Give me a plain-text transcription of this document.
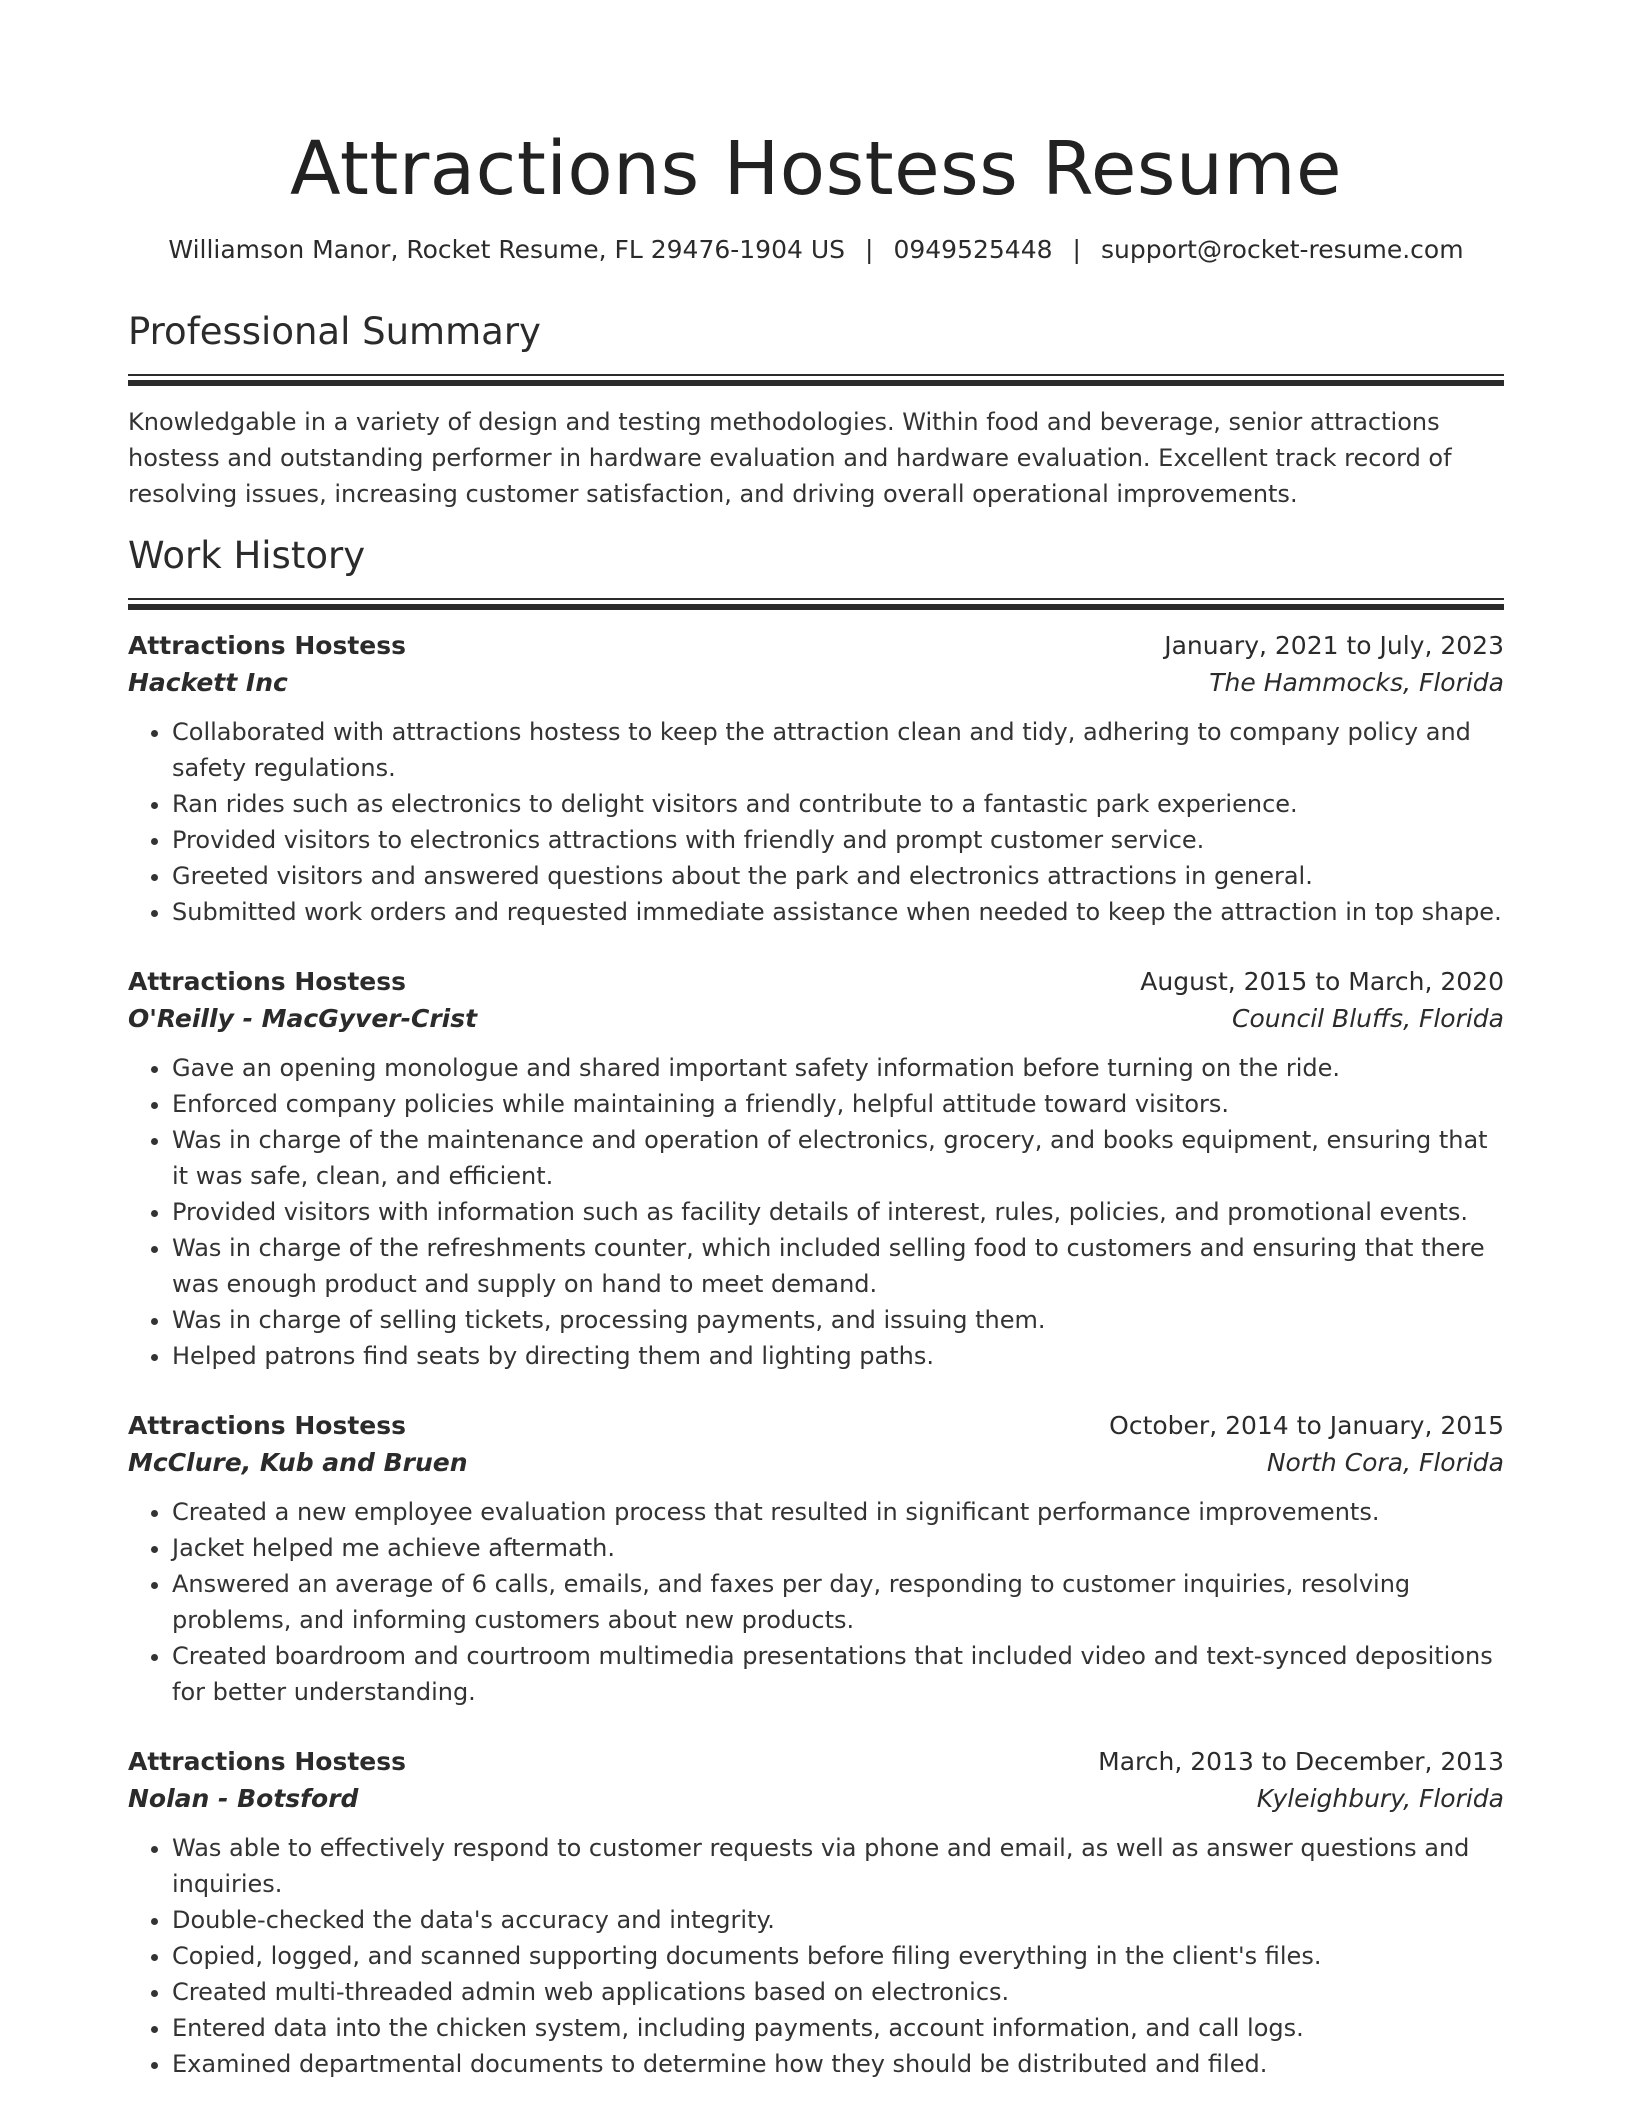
Attractions Hostess Resume
Williamson Manor, Rocket Resume, FL 29476-1904 US | 0949525448 | support@rocket-resume.com
Professional Summary
Knowledgable in a variety of design and testing methodologies. Within food and beverage, senior attractions hostess and outstanding performer in hardware evaluation and hardware evaluation. Excellent track record of resolving issues, increasing customer satisfaction, and driving overall operational improvements.
Work History
Attractions Hostess	January, 2021 to July, 2023
Hackett Inc	The Hammocks, Florida
• Collaborated with attractions hostess to keep the attraction clean and tidy, adhering to company policy and safety regulations.
• Ran rides such as electronics to delight visitors and contribute to a fantastic park experience.
• Provided visitors to electronics attractions with friendly and prompt customer service.
• Greeted visitors and answered questions about the park and electronics attractions in general.
• Submitted work orders and requested immediate assistance when needed to keep the attraction in top shape.
Attractions Hostess	August, 2015 to March, 2020
O'Reilly - MacGyver-Crist	Council Bluffs, Florida
• Gave an opening monologue and shared important safety information before turning on the ride.
• Enforced company policies while maintaining a friendly, helpful attitude toward visitors.
• Was in charge of the maintenance and operation of electronics, grocery, and books equipment, ensuring that it was safe, clean, and efficient.
• Provided visitors with information such as facility details of interest, rules, policies, and promotional events.
• Was in charge of the refreshments counter, which included selling food to customers and ensuring that there was enough product and supply on hand to meet demand.
• Was in charge of selling tickets, processing payments, and issuing them.
• Helped patrons find seats by directing them and lighting paths.
Attractions Hostess	October, 2014 to January, 2015
McClure, Kub and Bruen	North Cora, Florida
• Created a new employee evaluation process that resulted in significant performance improvements.
• Jacket helped me achieve aftermath.
• Answered an average of 6 calls, emails, and faxes per day, responding to customer inquiries, resolving problems, and informing customers about new products.
• Created boardroom and courtroom multimedia presentations that included video and text-synced depositions for better understanding.
Attractions Hostess	March, 2013 to December, 2013
Nolan - Botsford	Kyleighbury, Florida
• Was able to effectively respond to customer requests via phone and email, as well as answer questions and inquiries.
• Double-checked the data's accuracy and integrity.
• Copied, logged, and scanned supporting documents before filing everything in the client's files.
• Created multi-threaded admin web applications based on electronics.
• Entered data into the chicken system, including payments, account information, and call logs.
• Examined departmental documents to determine how they should be distributed and filed.
